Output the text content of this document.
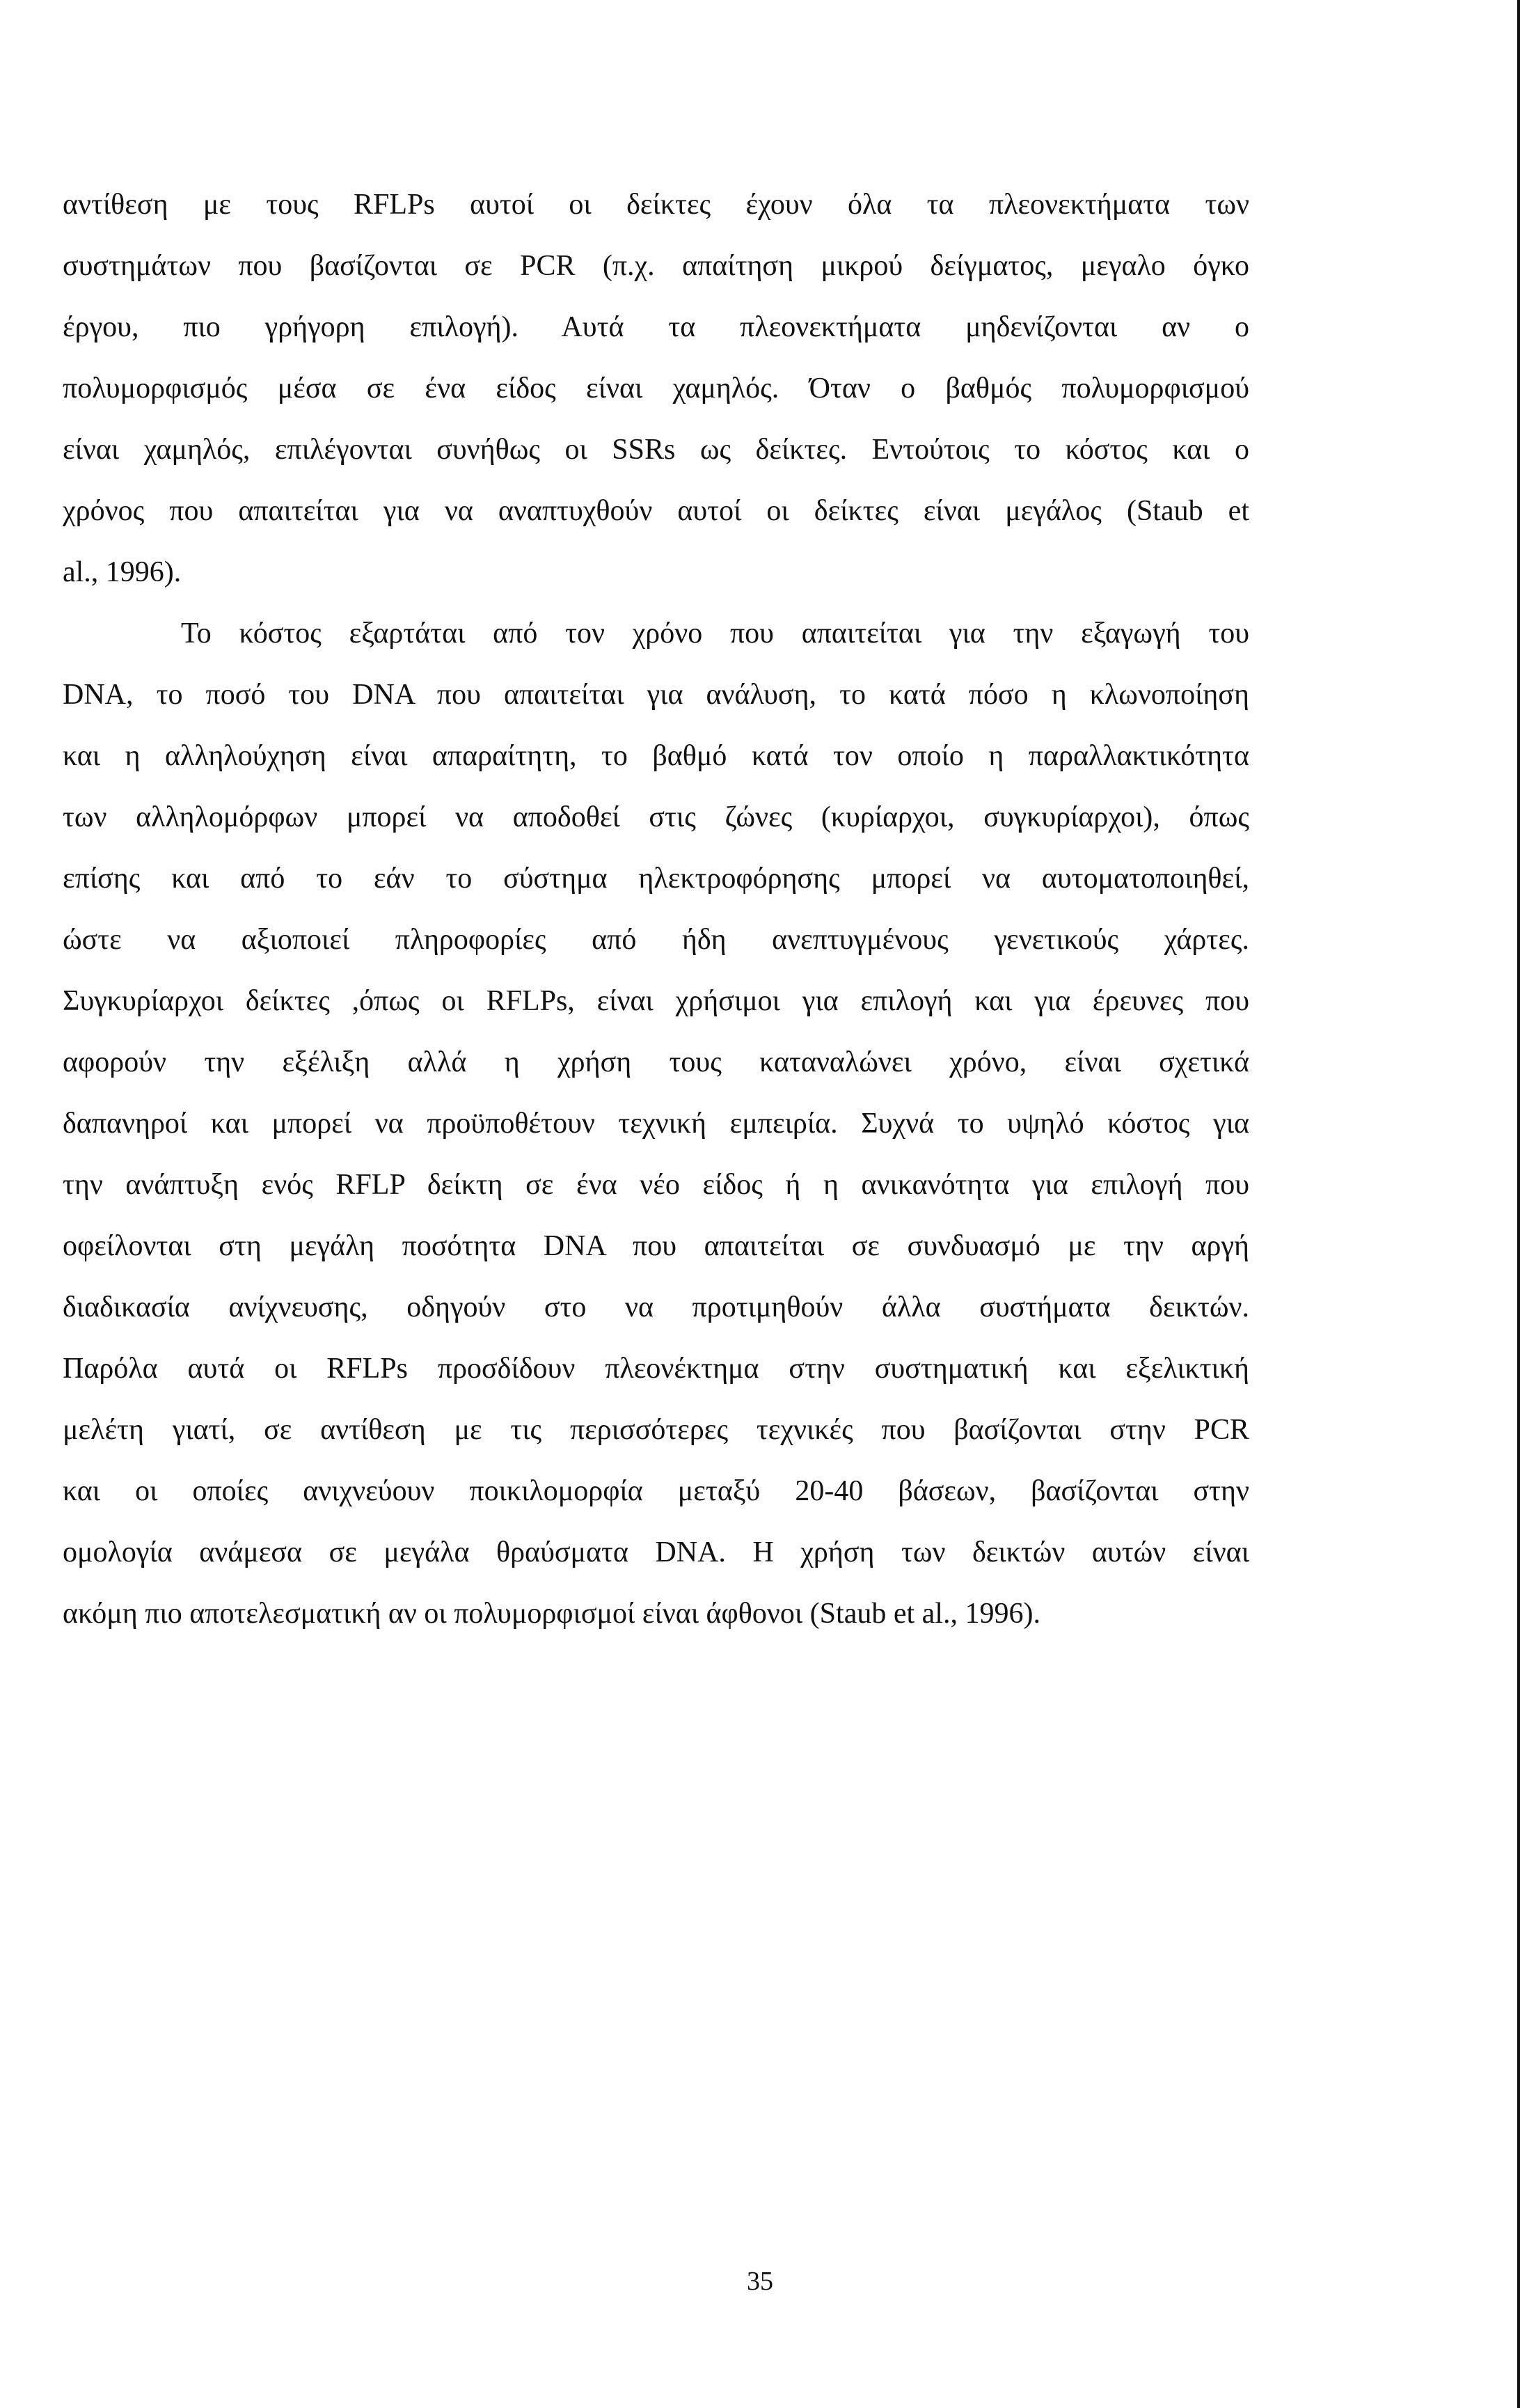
αντίθεση με τους RFLPs αυτοί οι δείκτες έχουν όλα τα πλεονεκτήματα των
συστημάτων που βασίζονται σε PCR (π.χ. απαίτηση μικρού δείγματος, μεγαλο όγκο
έργου, πιο γρήγορη επιλογή). Αυτά τα πλεονεκτήματα μηδενίζονται αν ο
πολυμορφισμός μέσα σε ένα είδος είναι χαμηλός. Όταν ο βαθμός πολυμορφισμού
είναι χαμηλός, επιλέγονται συνήθως οι SSRs ως δείκτες. Εντούτοις το κόστος και ο
χρόνος που απαιτείται για να αναπτυχθούν αυτοί οι δείκτες είναι μεγάλος (Staub et
al., 1996).
Το κόστος εξαρτάται από τον χρόνο που απαιτείται για την εξαγωγή του
DNA, το ποσό του DNA που απαιτείται για ανάλυση, το κατά πόσο η κλωνοποίηση
και η αλληλούχηση είναι απαραίτητη, το βαθμό κατά τον οποίο η παραλλακτικότητα
των αλληλομόρφων μπορεί να αποδοθεί στις ζώνες (κυρίαρχοι, συγκυρίαρχοι), όπως
επίσης και από το εάν το σύστημα ηλεκτροφόρησης μπορεί να αυτοματοποιηθεί,
ώστε να αξιοποιεί πληροφορίες από ήδη ανεπτυγμένους γενετικούς χάρτες.
Συγκυρίαρχοι δείκτες ,όπως οι RFLPs, είναι χρήσιμοι για επιλογή και για έρευνες που
αφορούν την εξέλιξη αλλά η χρήση τους καταναλώνει χρόνο, είναι σχετικά
δαπανηροί και μπορεί να προϋποθέτουν τεχνική εμπειρία. Συχνά το υψηλό κόστος για
την ανάπτυξη ενός RFLP δείκτη σε ένα νέο είδος ή η ανικανότητα για επιλογή που
οφείλονται στη μεγάλη ποσότητα DNA που απαιτείται σε συνδυασμό με την αργή
διαδικασία ανίχνευσης, οδηγούν στο να προτιμηθούν άλλα συστήματα δεικτών.
Παρόλα αυτά οι RFLPs προσδίδουν πλεονέκτημα στην συστηματική και εξελικτική
μελέτη γιατί, σε αντίθεση με τις περισσότερες τεχνικές που βασίζονται στην PCR
και οι οποίες ανιχνεύουν ποικιλομορφία μεταξύ 20-40 βάσεων, βασίζονται στην
ομολογία ανάμεσα σε μεγάλα θραύσματα DNA. Η χρήση των δεικτών αυτών είναι
ακόμη πιο αποτελεσματική αν οι πολυμορφισμοί είναι άφθονοι (Staub et al., 1996).
35
